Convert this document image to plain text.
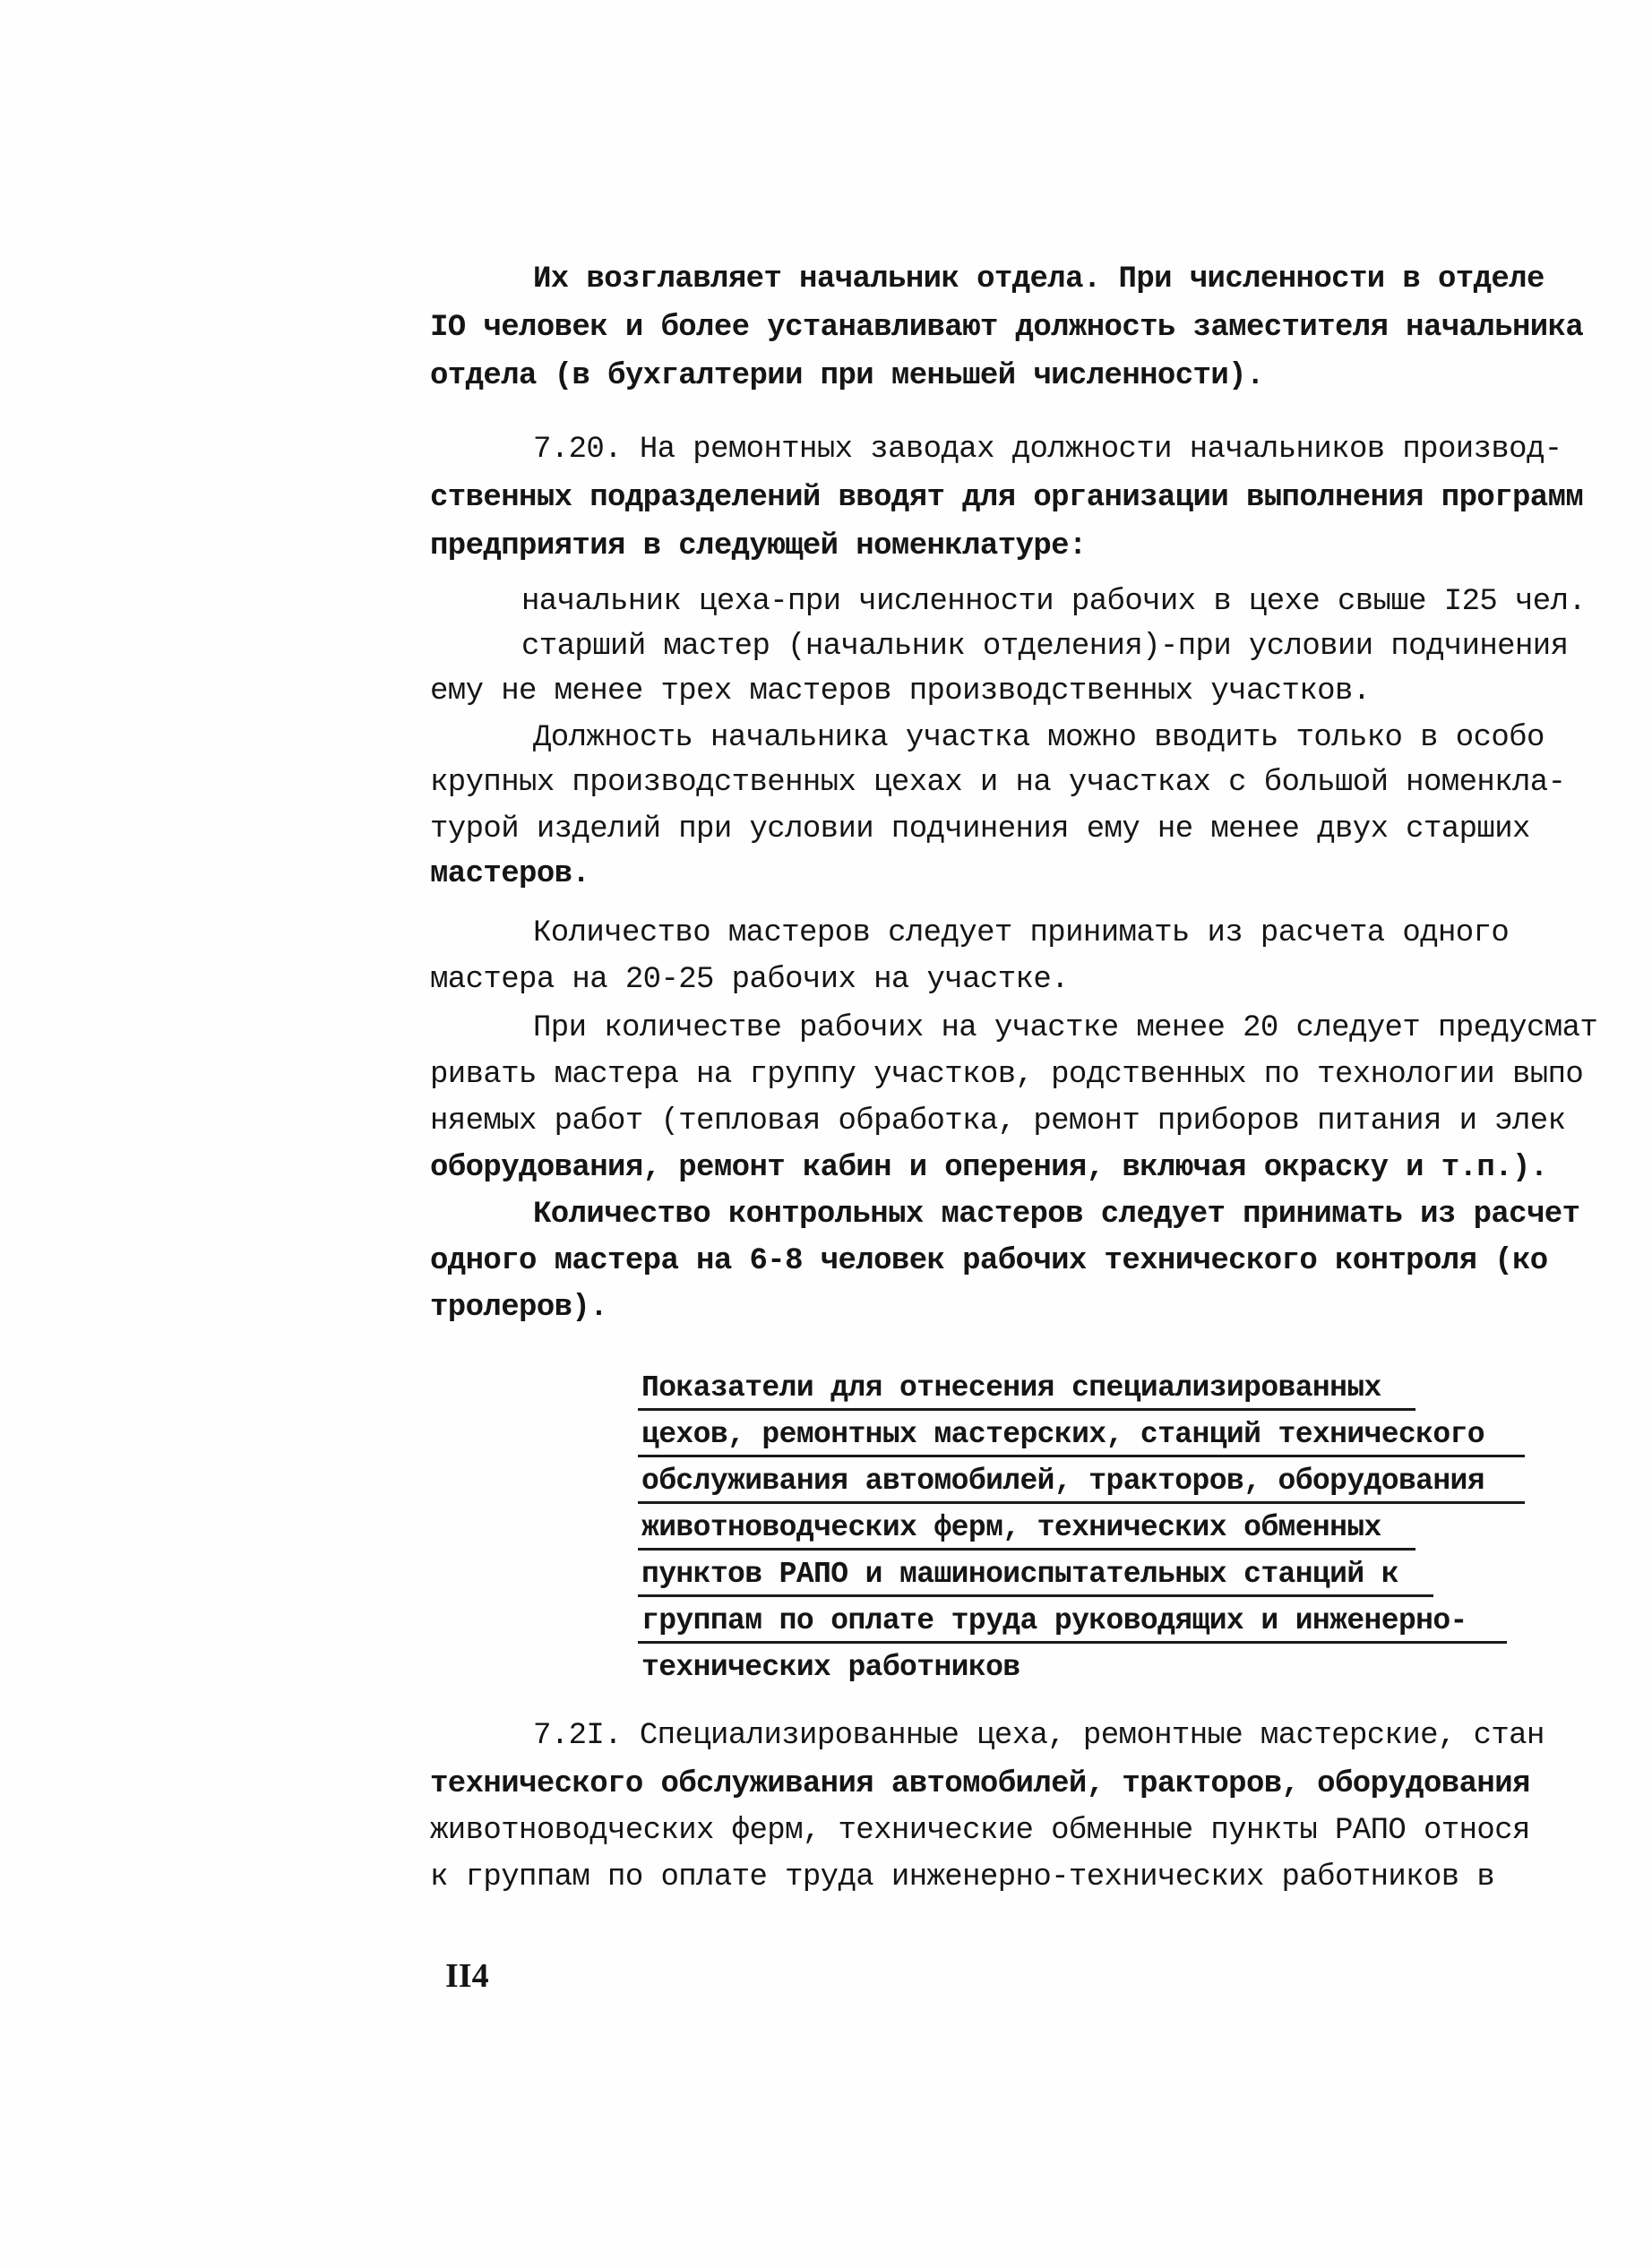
Их возглавляет начальник отдела. При численности в отделе
IO человек и более устанавливают должность заместителя начальника
отдела (в бухгалтерии при меньшей численности).
7.20. На ремонтных заводах должности начальников производ-
ственных подразделений вводят для организации выполнения программ
предприятия в следующей номенклатуре:
начальник цеха-при численности рабочих в цехе свыше I25 чел.
старший мастер (начальник отделения)-при условии подчинения
ему не менее трех мастеров производственных участков.
Должность начальника участка можно вводить только в особо
крупных производственных цехах и на участках с большой номенкла-
турой изделий при условии подчинения ему не менее двух старших
мастеров.
Количество мастеров следует принимать из расчета одного
мастера на 20-25 рабочих на участке.
При количестве рабочих на участке менее 20 следует предусмат
ривать мастера на группу участков, родственных по технологии выпо
няемых работ (тепловая обработка, ремонт приборов питания и элек
оборудования, ремонт кабин и оперения, включая окраску и т.п.).
Количество контрольных мастеров следует принимать из расчет
одного мастера на 6-8 человек рабочих технического контроля (ко
тролеров).
Показатели для отнесения специализированных
цехов, ремонтных мастерских, станций технического
обслуживания автомобилей, тракторов, оборудования
животноводческих ферм, технических обменных
пунктов РАПО и машиноиспытательных станций к
группам по оплате труда руководящих и инженерно-
технических работников
7.2I. Специализированные цеха, ремонтные мастерские, стан
технического обслуживания автомобилей, тракторов, оборудования
животноводческих ферм, технические обменные пункты РАПО относя
к группам по оплате труда инженерно-технических работников в
II4
